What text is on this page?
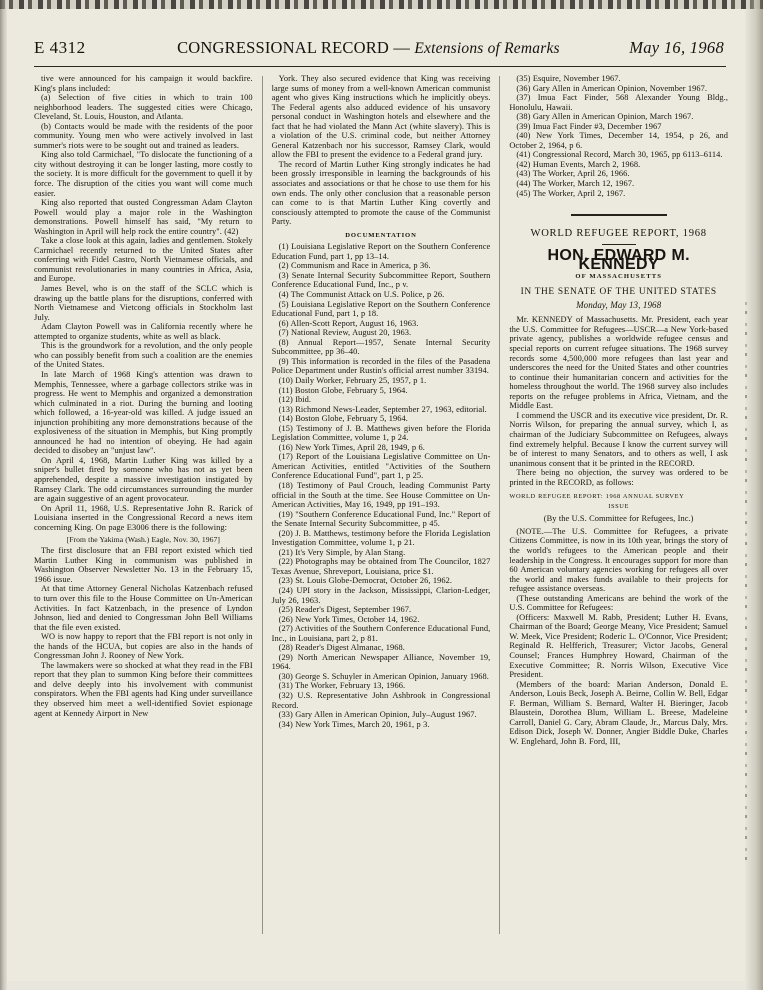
E 4312	CONGRESSIONAL RECORD — Extensions of Remarks	May 16, 1968

tive were announced for his campaign it would backfire. King's plans included:

(a) Selection of five cities in which to train 100 neighborhood leaders. The suggested cities were Chicago, Cleveland, St. Louis, Houston, and Atlanta.

(b) Contacts would be made with the residents of the poor community. Young men who were actively involved in last summer's riots were to be sought out and trained as leaders.

King also told Carmichael, "To dislocate the functioning of a city without destroying it can be longer lasting, more costly to the society. It is more difficult for the government to quell it by force. The disruption of the cities you want will come much easier.

King also reported that ousted Congressman Adam Clayton Powell would play a major role in the Washington demonstrations. Powell himself has said, "My return to Washington in April will help rock the entire country". (42)

Take a close look at this again, ladies and gentlemen. Stokely Carmichael recently returned to the United States after conferring with Fidel Castro, North Vietnamese officials, and communist revolutionaries in many countries in Africa, Asia, and Europe.

James Bevel, who is on the staff of the SCLC which is drawing up the battle plans for the disruptions, conferred with North Vietnamese and Vietcong officials in Stockholm last July.

Adam Clayton Powell was in California recently where he attempted to organize students, white as well as black.

This is the groundwork for a revolution, and the only people who can possibly benefit from such a coalition are the enemies of the United States.

In late March of 1968 King's attention was drawn to Memphis, Tennessee, where a garbage collectors strike was in progress. He went to Memphis and organized a demonstration which culminated in a riot. During the burning and looting which followed, a 16-year-old was killed. A judge issued an injunction prohibiting any more demonstrations because of the explosiveness of the situation in Memphis, but King promptly announced he had no intention of obeying. He had again decided to disobey an "unjust law".

On April 4, 1968, Martin Luther King was killed by a sniper's bullet fired by someone who has not as yet been apprehended, despite a massive investigation instigated by Ramsey Clark. The odd circumstances surrounding the murder are again suggestive of an agent provocateur.

On April 11, 1968, U.S. Representative John R. Rarick of Louisiana inserted in the Congressional Record a news item concerning King. On page E3006 there is the following:

[From the Yakima (Wash.) Eagle, Nov. 30, 1967]

The first disclosure that an FBI report existed which tied Martin Luther King in communism was published in Washington Observer Newsletter No. 13 in the February 15, 1966 issue.

At that time Attorney General Nicholas Katzenbach refused to turn over this file to the House Committee on Un-American Activities. In fact Katzenbach, in the presence of Lyndon Johnson, lied and denied to Congressman John Bell Williams that the file even existed.

WO is now happy to report that the FBI report is not only in the hands of the HCUA, but copies are also in the hands of Congressman John J. Rooney of New York.

The lawmakers were so shocked at what they read in the FBI report that they plan to summon King before their committees and delve deeply into his involvement with communist conspirators. When the FBI agents had King under surveillance they observed him meet a well-identified Soviet espionage agent at Kennedy Airport in New

York. They also secured evidence that King was receiving large sums of money from a well-known American communist agent who gives King instructions which he implicitly obeys. The Federal agents also adduced evidence of his unsavory personal conduct in Washington hotels and elsewhere and the fact that he had violated the Mann Act (white slavery). This is a violation of the U.S. criminal code, but neither Attorney General Katzenbach nor his successor, Ramsey Clark, would allow the FBI to present the evidence to a Federal grand jury.

The record of Martin Luther King strongly indicates he had been grossly irresponsible in learning the backgrounds of his associates and associations or that he chose to use them for his own ends. The only other conclusion that a reasonable person can come to is that Martin Luther King covertly and consciously attempted to promote the cause of the Communist Party.

DOCUMENTATION

(1) Louisiana Legislative Report on the Southern Conference Education Fund, part 1, pp 13–14.

(2) Communism and Race in America, p 36.

(3) Senate Internal Security Subcommittee Report, Southern Conference Educational Fund, Inc., p v.

(4) The Communist Attack on U.S. Police, p 26.

(5) Louisiana Legislative Report on the Southern Conference Educational Fund, part 1, p 18.

(6) Allen-Scott Report, August 16, 1963.

(7) National Review, August 20, 1963.

(8) Annual Report—1957, Senate Internal Security Subcommittee, pp 36–40.

(9) This information is recorded in the files of the Pasadena Police Department under Rustin's official arrest number 33194.

(10) Daily Worker, February 25, 1957, p 1.

(11) Boston Globe, February 5, 1964.

(12) Ibid.

(13) Richmond News-Leader, September 27, 1963, editorial.

(14) Boston Globe, February 5, 1964.

(15) Testimony of J. B. Matthews given before the Florida Legislation Committee, volume 1, p 24.

(16) New York Times, April 28, 1949, p 6.

(17) Report of the Louisiana Legislative Committee on Un-American Activities, entitled "Activities of the Southern Conference Educational Fund", part 1, p 25.

(18) Testimony of Paul Crouch, leading Communist Party official in the South at the time. See House Committee on Un-American Activities, May 16, 1949, pp 191–193.

(19) "Southern Conference Educational Fund, Inc." Report of the Senate Internal Security Subcommittee, p 45.

(20) J. B. Matthews, testimony before the Florida Legislation Investigation Committee, volume 1, p 21.

(21) It's Very Simple, by Alan Stang.

(22) Photographs may be obtained from The Councilor, 1827 Texas Avenue, Shreveport, Louisiana, price $1.

(23) St. Louis Globe-Democrat, October 26, 1962.

(24) UPI story in the Jackson, Mississippi, Clarion-Ledger, July 26, 1963.

(25) Reader's Digest, September 1967.

(26) New York Times, October 14, 1962.

(27) Activities of the Southern Conference Educational Fund, Inc., in Louisiana, part 2, p 81.

(28) Reader's Digest Almanac, 1968.

(29) North American Newspaper Alliance, November 19, 1964.

(30) George S. Schuyler in American Opinion, January 1968.

(31) The Worker, February 13, 1966.

(32) U.S. Representative John Ashbrook in Congressional Record.

(33) Gary Allen in American Opinion, July–August 1967.

(34) New York Times, March 20, 1961, p 3.

(35) Esquire, November 1967.

(36) Gary Allen in American Opinion, November 1967.

(37) Imua Fact Finder, 568 Alexander Young Bldg., Honolulu, Hawaii.

(38) Gary Allen in American Opinion, March 1967.

(39) Imua Fact Finder #3, December 1967

(40) New York Times, December 14, 1954, p 26, and October 2, 1964, p 6.

(41) Congressional Record, March 30, 1965, pp 6113–6114.

(42) Human Events, March 2, 1968.

(43) The Worker, April 26, 1966.

(44) The Worker, March 12, 1967.

(45) The Worker, April 2, 1967.

WORLD REFUGEE REPORT, 1968

HON. EDWARD M. KENNEDY

OF MASSACHUSETTS

IN THE SENATE OF THE UNITED STATES

Monday, May 13, 1968

Mr. KENNEDY of Massachusetts. Mr. President, each year the U.S. Committee for Refugees—USCR—a New York-based private agency, publishes a worldwide refugee census and special reports on current refugee situations. The 1968 survey records some 4,500,000 more refugees than last year and underscores the need for the United States and other countries to continue their humanitarian concern and activities for the homeless throughout the world. The 1968 survey also includes reports on the refugee problems in Africa, Vietnam, and the Middle East.

I commend the USCR and its executive vice president, Dr. R. Norris Wilson, for preparing the annual survey, which I, as chairman of the Judiciary Subcommittee on Refugees, always find extremely helpful. Because I know the current survey will be of interest to many Senators, and to others as well, I ask unanimous consent that it be printed in the RECORD.

There being no objection, the survey was ordered to be printed in the RECORD, as follows:

WORLD REFUGEE REPORT: 1968 ANNUAL SURVEY

ISSUE

(By the U.S. Committee for Refugees, Inc.)

(NOTE.—The U.S. Committee for Refugees, a private Citizens Committee, is now in its 10th year, brings the story of the world's refugees to the American people and their leadership in the Congress. It encourages support for more than 60 American voluntary agencies working for refugees all over the world and makes funds available to their projects for refugee assistance overseas.

(These outstanding Americans are behind the work of the U.S. Committee for Refugees:

(Officers: Maxwell M. Rabb, President; Luther H. Evans, Chairman of the Board; George Meany, Vice President; Samuel W. Meek, Vice President; Roderic L. O'Connor, Vice President; Reginald R. Helfferich, Treasurer; Victor Jacobs, General Counsel; Frances Humphrey Howard, Chairman of the Executive Committee; R. Norris Wilson, Executive Vice President.

(Members of the board: Marian Anderson, Donald E. Anderson, Louis Beck, Joseph A. Beirne, Collin W. Bell, Edgar F. Berman, William S. Bernard, Walter H. Bieringer, Jacob Blaustein, Dorothea Blum, William L. Breese, Madeleine Carroll, Daniel G. Cary, Abram Claude, Jr., Marcus Daly, Mrs. Edison Dick, Joseph W. Donner, Angier Biddle Duke, Charles W. Englehard, John B. Ford, III,
